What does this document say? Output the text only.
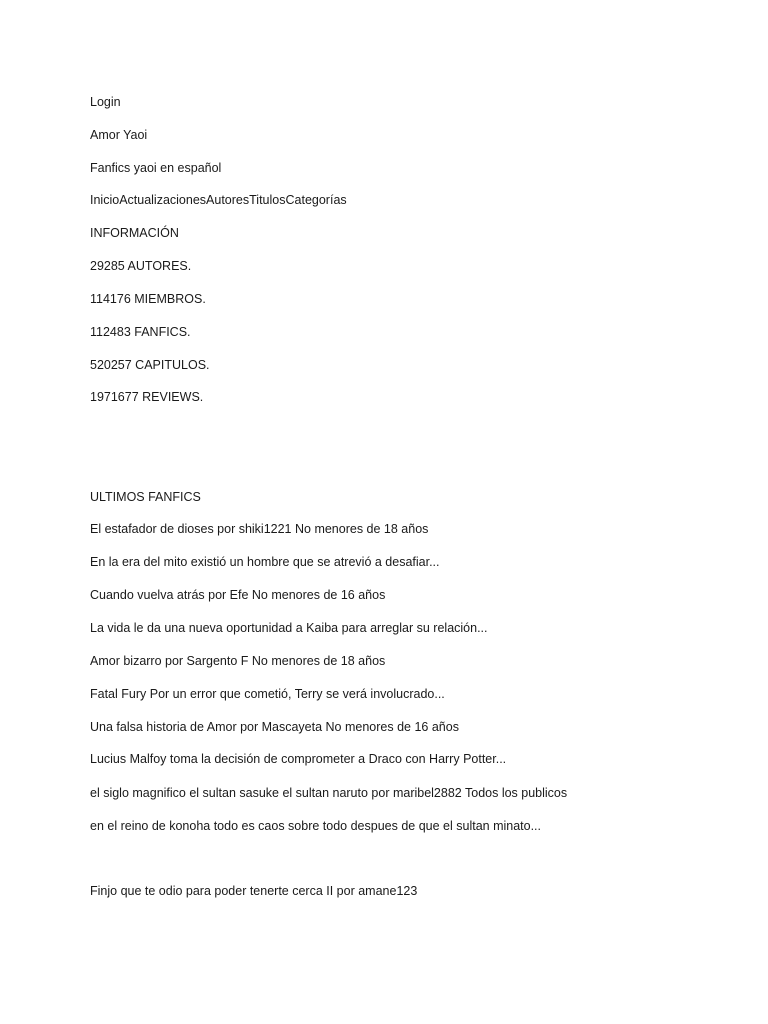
Login
Amor Yaoi
Fanfics yaoi en español
InicioActualizacionesAutoresTitulosCategorías
INFORMACIÓN
29285 AUTORES.
114176 MIEMBROS.
112483 FANFICS.
520257 CAPITULOS.
1971677 REVIEWS.
ULTIMOS FANFICS
El estafador de dioses por shiki1221 No menores de 18 años
En la era del mito existió un hombre que se atrevió a desafiar...
Cuando vuelva atrás por Efe No menores de 16 años
La vida le da una nueva oportunidad a Kaiba para arreglar su relación...
Amor bizarro por Sargento F No menores de 18 años
Fatal Fury Por un error que cometió, Terry se verá involucrado...
Una falsa historia de Amor por Mascayeta No menores de 16 años
Lucius Malfoy toma la decisión de comprometer a Draco con Harry Potter...
el siglo magnifico el sultan sasuke el sultan naruto por maribel2882 Todos los publicos
en el reino de konoha todo es caos sobre todo despues de que el sultan minato...
Finjo que te odio para poder tenerte cerca II por amane123
